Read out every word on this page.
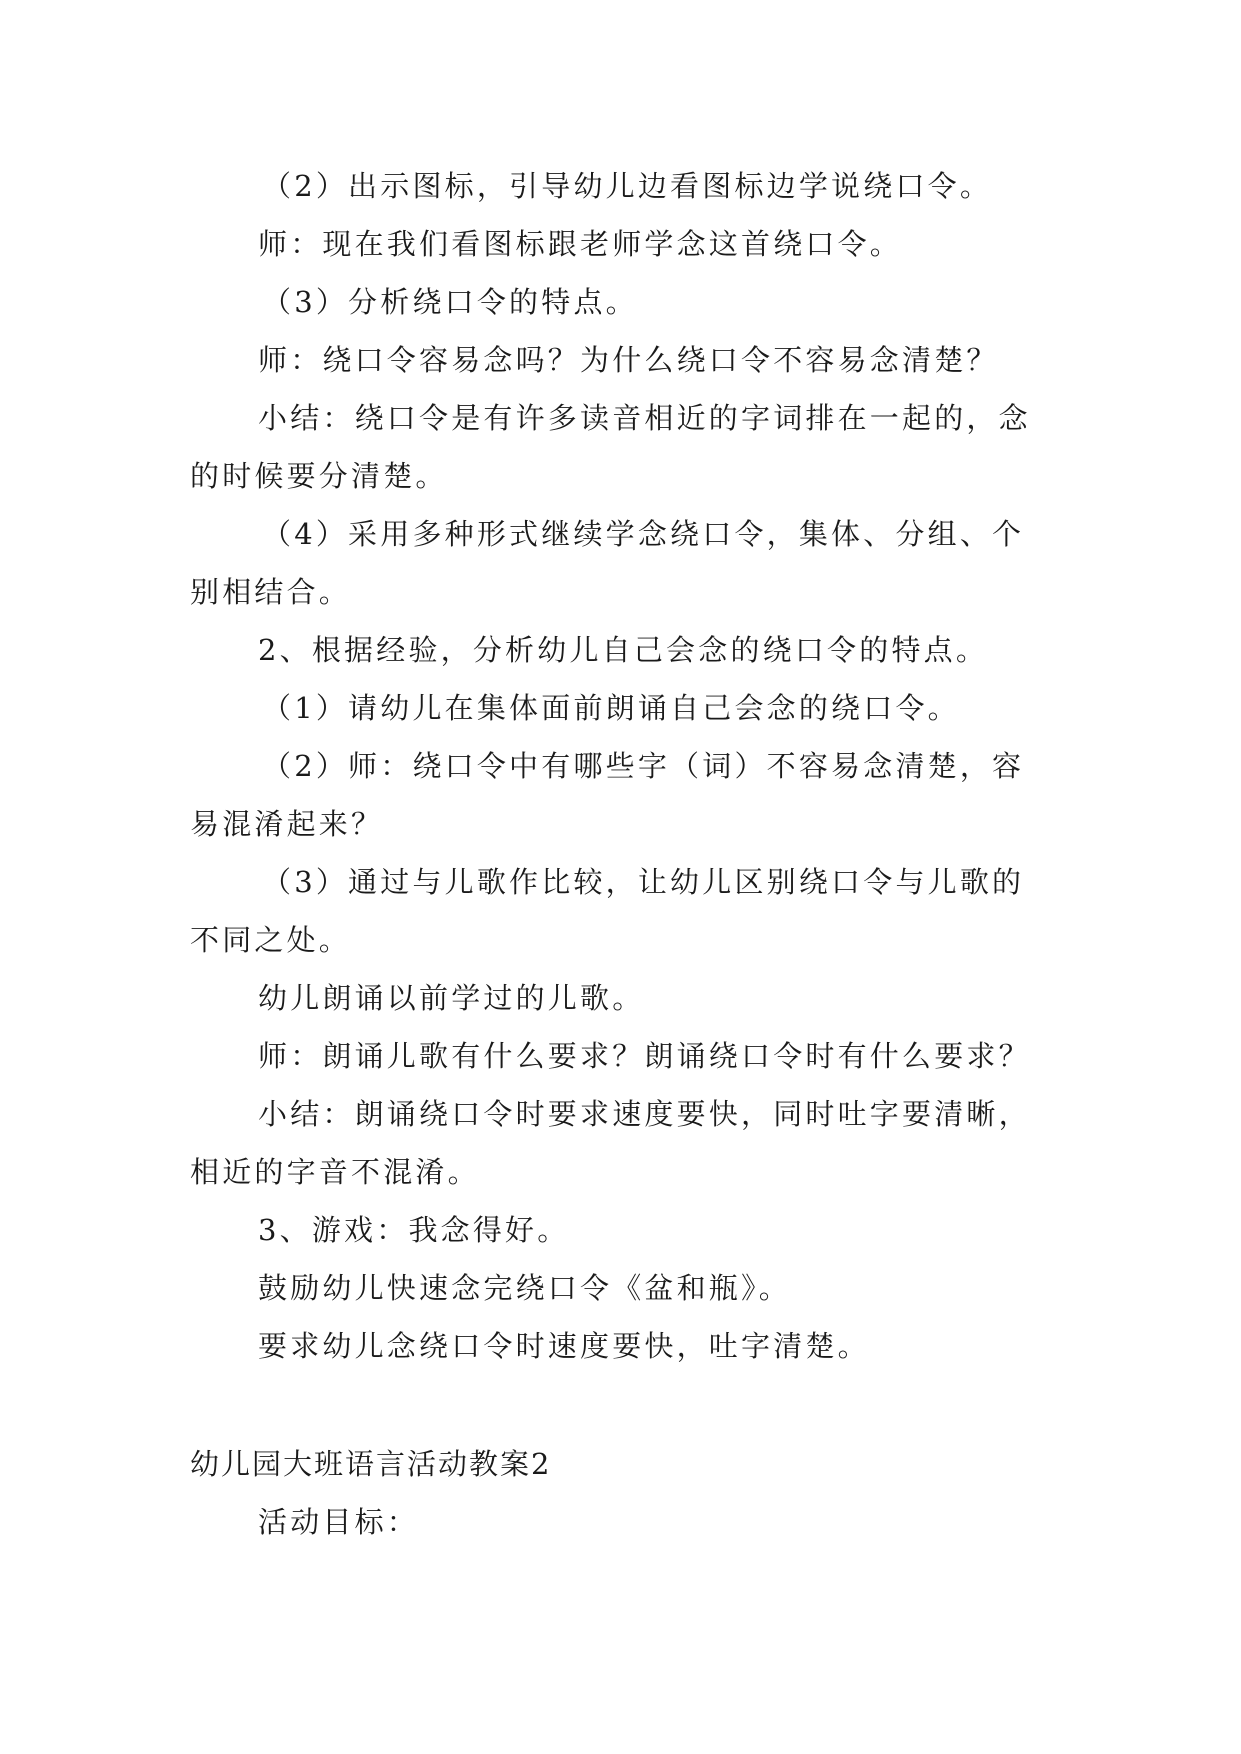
（2）出示图标，引导幼儿边看图标边学说绕口令。
师：现在我们看图标跟老师学念这首绕口令。
（3）分析绕口令的特点。
师：绕口令容易念吗？为什么绕口令不容易念清楚？
小结：绕口令是有许多读音相近的字词排在一起的，念
的时候要分清楚。
（4）采用多种形式继续学念绕口令，集体、分组、个
别相结合。
2、根据经验，分析幼儿自己会念的绕口令的特点。
（1）请幼儿在集体面前朗诵自己会念的绕口令。
（2）师：绕口令中有哪些字（词）不容易念清楚，容
易混淆起来？
（3）通过与儿歌作比较，让幼儿区别绕口令与儿歌的
不同之处。
幼儿朗诵以前学过的儿歌。
师：朗诵儿歌有什么要求？朗诵绕口令时有什么要求？
小结：朗诵绕口令时要求速度要快，同时吐字要清晰，
相近的字音不混淆。
3、游戏：我念得好。
鼓励幼儿快速念完绕口令《盆和瓶》。
要求幼儿念绕口令时速度要快，吐字清楚。
幼儿园大班语言活动教案2
活动目标：
